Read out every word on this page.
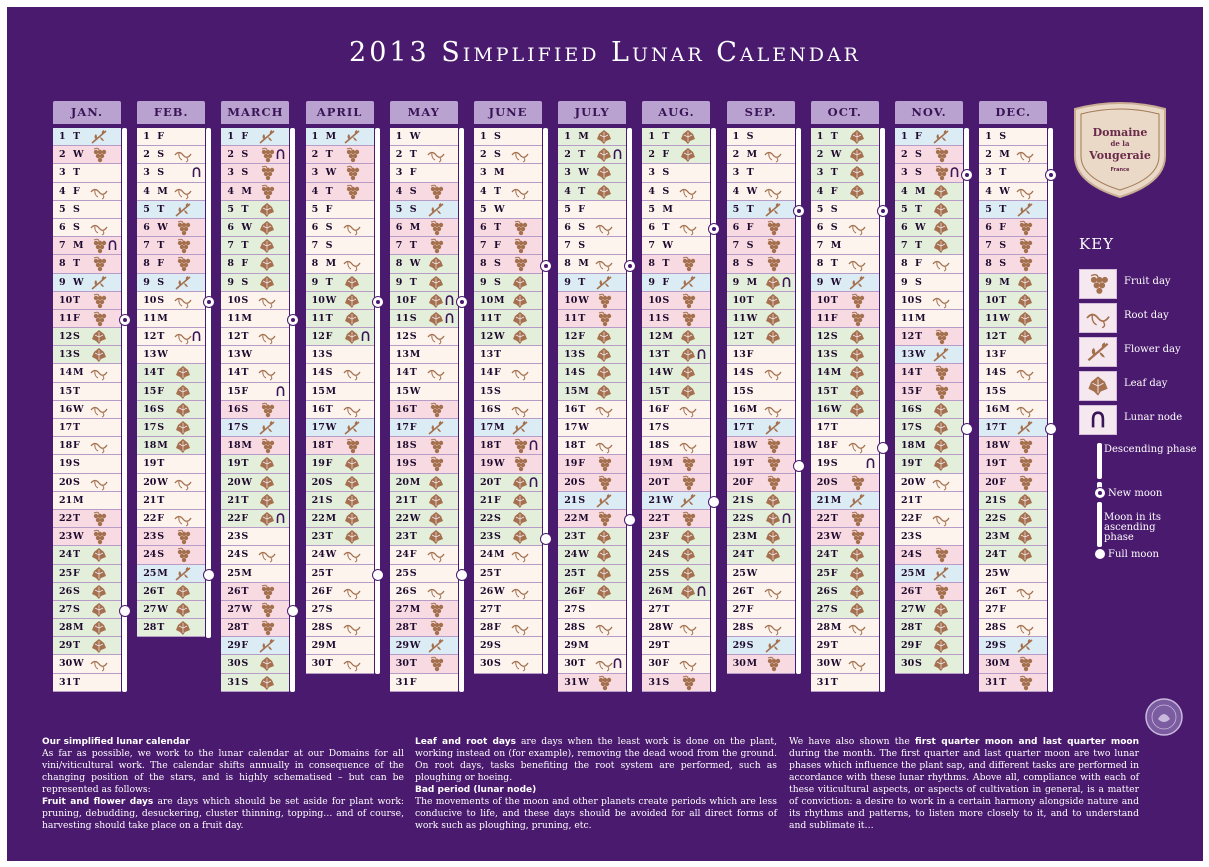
2013 Simplified Lunar Calendar
JAN.
1 T
2 W
3 T
4 F
5 S
6 S
7 M
8 T
9 W
10 T
11 F
12 S
13 S
14 M
15 T
16 W
17 T
18 F
19 S
20 S
21 M
22 T
23 W
24 T
25 F
26 S
27 S
28 M
29 T
30 W
31 T
FEB.
1 F
2 S
3 S
4 M
5 T
6 W
7 T
8 F
9 S
10 S
11 M
12 T
13 W
14 T
15 F
16 S
17 S
18 M
19 T
20 W
21 T
22 F
23 S
24 S
25 M
26 T
27 W
28 T
MARCH
1 F
2 S
3 S
4 M
5 T
6 W
7 T
8 F
9 S
10 S
11 M
12 T
13 W
14 T
15 F
16 S
17 S
18 M
19 T
20 W
21 T
22 F
23 S
24 S
25 M
26 T
27 W
28 T
29 F
30 S
31 S
APRIL
1 M
2 T
3 W
4 T
5 F
6 S
7 S
8 M
9 T
10 W
11 T
12 F
13 S
14 S
15 M
16 T
17 W
18 T
19 F
20 S
21 S
22 M
23 T
24 W
25 T
26 F
27 S
28 S
29 M
30 T
MAY
1 W
2 T
3 F
4 S
5 S
6 M
7 T
8 W
9 T
10 F
11 S
12 S
13 M
14 T
15 W
16 T
17 F
18 S
19 S
20 M
21 T
22 W
23 T
24 F
25 S
26 S
27 M
28 T
29 W
30 T
31 F
JUNE
1 S
2 S
3 M
4 T
5 W
6 T
7 F
8 S
9 S
10 M
11 T
12 W
13 T
14 F
15 S
16 S
17 M
18 T
19 W
20 T
21 F
22 S
23 S
24 M
25 T
26 W
27 T
28 F
29 S
30 S
JULY
1 M
2 T
3 W
4 T
5 F
6 S
7 S
8 M
9 T
10 W
11 T
12 F
13 S
14 S
15 M
16 T
17 W
18 T
19 F
20 S
21 S
22 M
23 T
24 W
25 T
26 F
27 S
28 S
29 M
30 T
31 W
AUG.
1 T
2 F
3 S
4 S
5 M
6 T
7 W
8 T
9 F
10 S
11 S
12 M
13 T
14 W
15 T
16 F
17 S
18 S
19 M
20 T
21 W
22 T
23 F
24 S
25 S
26 M
27 T
28 W
29 T
30 F
31 S
SEP.
1 S
2 M
3 T
4 W
5 T
6 F
7 S
8 S
9 M
10 T
11 W
12 T
13 F
14 S
15 S
16 M
17 T
18 W
19 T
20 F
21 S
22 S
23 M
24 T
25 W
26 T
27 F
28 S
29 S
30 M
OCT.
1 T
2 W
3 T
4 F
5 S
6 S
7 M
8 T
9 W
10 T
11 F
12 S
13 S
14 M
15 T
16 W
17 T
18 F
19 S
20 S
21 M
22 T
23 W
24 T
25 F
26 S
27 S
28 M
29 T
30 W
31 T
NOV.
1 F
2 S
3 S
4 M
5 T
6 W
7 T
8 F
9 S
10 S
11 M
12 T
13 W
14 T
15 F
16 S
17 S
18 M
19 T
20 W
21 T
22 F
23 S
24 S
25 M
26 T
27 W
28 T
29 F
30 S
DEC.
1 S
2 M
3 T
4 W
5 T
6 F
7 S
8 S
9 M
10 T
11 W
12 T
13 F
14 S
15 S
16 M
17 T
18 W
19 T
20 F
21 S
22 S
23 M
24 T
25 W
26 T
27 F
28 S
29 S
30 M
31 T
Domaine
de la
Vougeraie
France
KEY
Fruit day
Root day
Flower day
Leaf day
Lunar node
Descending phase
New moon
Moon in its ascending phase
Full moon
Our simplified lunar calendar
As far as possible, we work to the lunar calendar at our Domains for all vini/viticultural work. The calendar shifts annually in consequence of the changing position of the stars, and is highly schematised – but can be represented as follows:
Fruit and flower days are days which should be set aside for plant work: pruning, debudding, desuckering, cluster thinning, topping… and of course, harvesting should take place on a fruit day.
Leaf and root days are days when the least work is done on the plant, working instead on (for example), removing the dead wood from the ground. On root days, tasks benefiting the root system are performed, such as ploughing or hoeing.
Bad period (lunar node)
The movements of the moon and other planets create periods which are less conducive to life, and these days should be avoided for all direct forms of work such as ploughing, pruning, etc.
We have also shown the first quarter moon and last quarter moon during the month. The first quarter and last quarter moon are two lunar phases which influence the plant sap, and different tasks are performed in accordance with these lunar rhythms. Above all, compliance with each of these viticultural aspects, or aspects of cultivation in general, is a matter of conviction: a desire to work in a certain harmony alongside nature and its rhythms and patterns, to listen more closely to it, and to understand and sublimate it…
